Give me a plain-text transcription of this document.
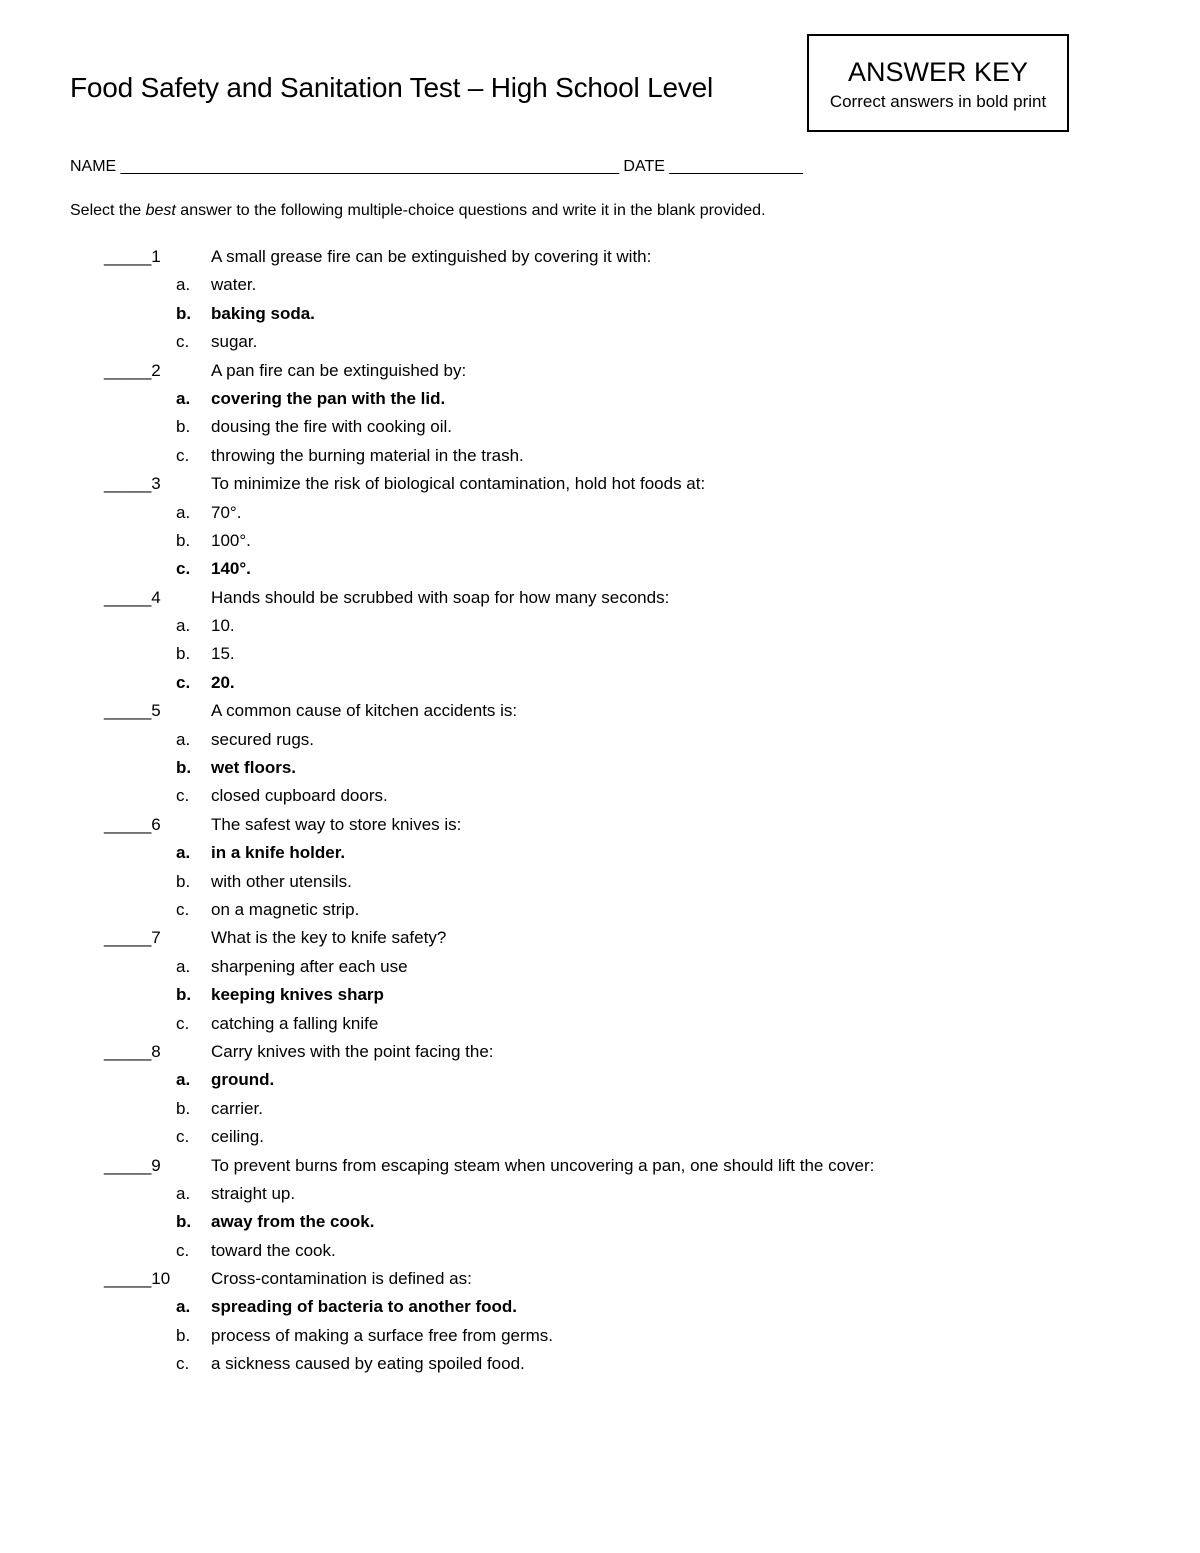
Food Safety and Sanitation Test – High School Level	ANSWER KEY
Correct answers in bold print
NAME ________________________________________________________ DATE _______________
Select the best answer to the following multiple-choice questions and write it in the blank provided.
_____1	A small grease fire can be extinguished by covering it with:
a. water.
b. baking soda.
c. sugar.
_____2	A pan fire can be extinguished by:
a. covering the pan with the lid.
b. dousing the fire with cooking oil.
c. throwing the burning material in the trash.
_____3	To minimize the risk of biological contamination, hold hot foods at:
a. 70°.
b. 100°.
c. 140°.
_____4	Hands should be scrubbed with soap for how many seconds:
a. 10.
b. 15.
c. 20.
_____5	A common cause of kitchen accidents is:
a. secured rugs.
b. wet floors.
c. closed cupboard doors.
_____6	The safest way to store knives is:
a. in a knife holder.
b. with other utensils.
c. on a magnetic strip.
_____7	What is the key to knife safety?
a. sharpening after each use
b. keeping knives sharp
c. catching a falling knife
_____8	Carry knives with the point facing the:
a. ground.
b. carrier.
c. ceiling.
_____9	To prevent burns from escaping steam when uncovering a pan, one should lift the cover:
a. straight up.
b. away from the cook.
c. toward the cook.
_____10 Cross-contamination is defined as:
a. spreading of bacteria to another food.
b. process of making a surface free from germs.
c. a sickness caused by eating spoiled food.
